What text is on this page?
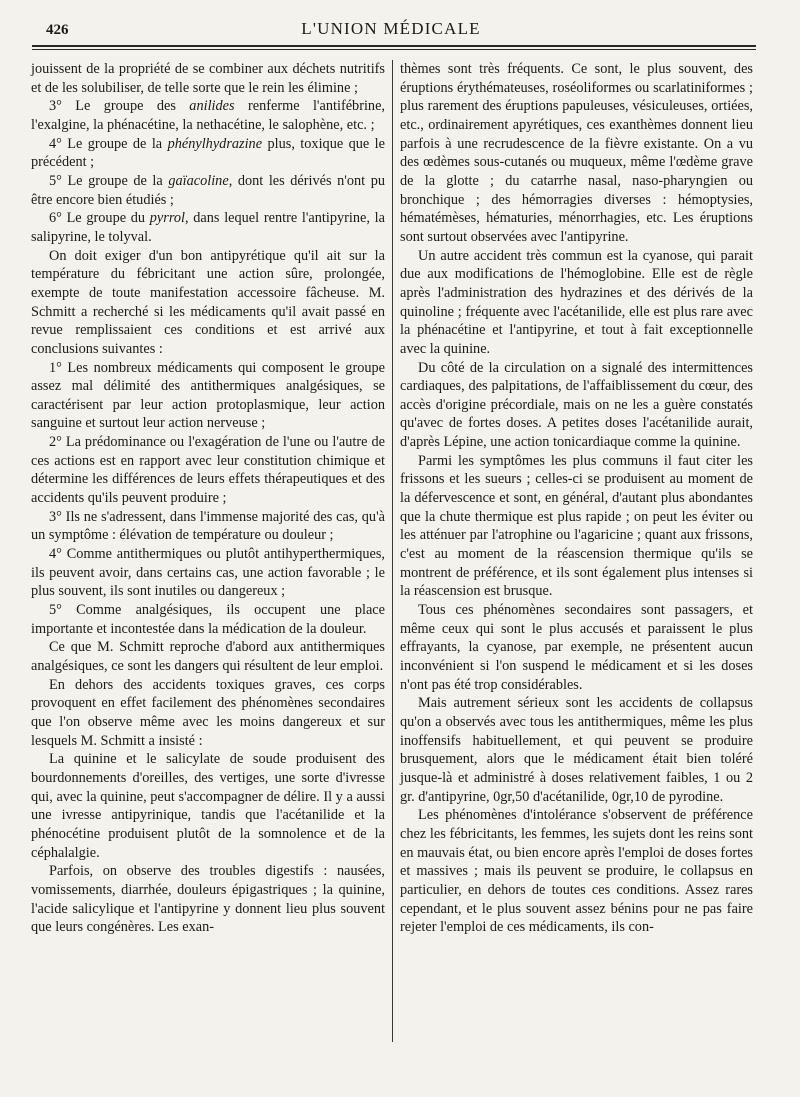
426	L'UNION MÉDICALE

jouissent de la propriété de se combiner aux déchets nutritifs et de les solubiliser, de telle sorte que le rein les élimine ;

3° Le groupe des anilides renferme l'antifébrine, l'exalgine, la phénacétine, la nethacétine, le salophène, etc. ;

4° Le groupe de la phénylhydrazine plus, toxique que le précédent ;

5° Le groupe de la gaïacoline, dont les dérivés n'ont pu être encore bien étudiés ;

6° Le groupe du pyrrol, dans lequel rentre l'antipyrine, la salipyrine, le tolyval.

On doit exiger d'un bon antipyrétique qu'il ait sur la température du fébricitant une action sûre, prolongée, exempte de toute manifestation accessoire fâcheuse. M. Schmitt a recherché si les médicaments qu'il avait passé en revue remplissaient ces conditions et est arrivé aux conclusions suivantes :

1° Les nombreux médicaments qui composent le groupe assez mal délimité des antithermiques analgésiques, se caractérisent par leur action protoplasmique, leur action sanguine et surtout leur action nerveuse ;

2° La prédominance ou l'exagération de l'une ou l'autre de ces actions est en rapport avec leur constitution chimique et détermine les différences de leurs effets thérapeutiques et des accidents qu'ils peuvent produire ;

3° Ils ne s'adressent, dans l'immense majorité des cas, qu'à un symptôme : élévation de température ou douleur ;

4° Comme antithermiques ou plutôt antihyperthermiques, ils peuvent avoir, dans certains cas, une action favorable ; le plus souvent, ils sont inutiles ou dangereux ;

5° Comme analgésiques, ils occupent une place importante et incontestée dans la médication de la douleur.

Ce que M. Schmitt reproche d'abord aux antithermiques analgésiques, ce sont les dangers qui résultent de leur emploi.

En dehors des accidents toxiques graves, ces corps provoquent en effet facilement des phénomènes secondaires que l'on observe même avec les moins dangereux et sur lesquels M. Schmitt a insisté :

La quinine et le salicylate de soude produisent des bourdonnements d'oreilles, des vertiges, une sorte d'ivresse qui, avec la quinine, peut s'accompagner de délire. Il y a aussi une ivresse antipyrinique, tandis que l'acétanilide et la phénocétine produisent plutôt de la somnolence et de la céphalalgie.

Parfois, on observe des troubles digestifs : nausées, vomissements, diarrhée, douleurs épigastriques ; la quinine, l'acide salicylique et l'antipyrine y donnent lieu plus souvent que leurs congénères. Les exan-

thèmes sont très fréquents. Ce sont, le plus souvent, des éruptions érythémateuses, roséoliformes ou scarlatiniformes ; plus rarement des éruptions papuleuses, vésiculeuses, ortiées, etc., ordinairement apyrétiques, ces exanthèmes donnent lieu parfois à une recrudescence de la fièvre existante. On a vu des œdèmes sous-cutanés ou muqueux, même l'œdème grave de la glotte ; du catarrhe nasal, naso-pharyngien ou bronchique ; des hémorragies diverses : hémoptysies, hématémèses, hématuries, ménorrhagies, etc. Les éruptions sont surtout observées avec l'antipyrine.

Un autre accident très commun est la cyanose, qui parait due aux modifications de l'hémoglobine. Elle est de règle après l'administration des hydrazines et des dérivés de la quinoline ; fréquente avec l'acétanilide, elle est plus rare avec la phénacétine et l'antipyrine, et tout à fait exceptionnelle avec la quinine.

Du côté de la circulation on a signalé des intermittences cardiaques, des palpitations, de l'affaiblissement du cœur, des accès d'origine précordiale, mais on ne les a guère constatés qu'avec de fortes doses. A petites doses l'acétanilide aurait, d'après Lépine, une action tonicardiaque comme la quinine.

Parmi les symptômes les plus communs il faut citer les frissons et les sueurs ; celles-ci se produisent au moment de la défervescence et sont, en général, d'autant plus abondantes que la chute thermique est plus rapide ; on peut les éviter ou les atténuer par l'atrophine ou l'agaricine ; quant aux frissons, c'est au moment de la réascension thermique qu'ils se montrent de préférence, et ils sont également plus intenses si la réascension est brusque.

Tous ces phénomènes secondaires sont passagers, et même ceux qui sont le plus accusés et paraissent le plus effrayants, la cyanose, par exemple, ne présentent aucun inconvénient si l'on suspend le médicament et si les doses n'ont pas été trop considérables.

Mais autrement sérieux sont les accidents de collapsus qu'on a observés avec tous les antithermiques, même les plus inoffensifs habituellement, et qui peuvent se produire brusquement, alors que le médicament était bien toléré jusque-là et administré à doses relativement faibles, 1 ou 2 gr. d'antipyrine, 0gr,50 d'acétanilide, 0gr,10 de pyrodine.

Les phénomènes d'intolérance s'observent de préférence chez les fébricitants, les femmes, les sujets dont les reins sont en mauvais état, ou bien encore après l'emploi de doses fortes et massives ; mais ils peuvent se produire, le collapsus en particulier, en dehors de toutes ces conditions. Assez rares cependant, et le plus souvent assez bénins pour ne pas faire rejeter l'emploi de ces médicaments, ils con-
